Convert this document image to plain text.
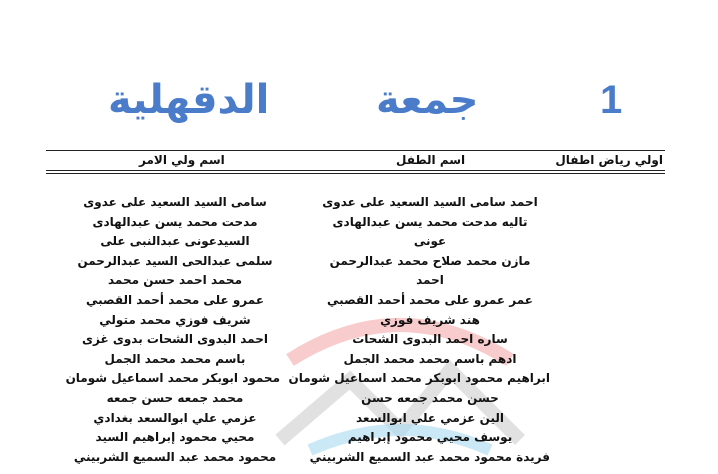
1
جمعة
الدقهلية
اولي رياض اطفال
اسم الطفل
اسم ولي الامر
احمد سامى السيد السعيد على عدوى
تاليه مدحت محمد يسن عبدالهادى
عونى
مازن محمد صلاح محمد عبدالرحمن
احمد
عمر عمرو على محمد أحمد القصبي
هند شريف فوزي
ساره احمد البدوى الشحات
ادهم باسم محمد محمد الجمل
ابراهيم محمود ابوبكر محمد اسماعيل شومان
حسن محمد جمعه حسن
الين عزمي علي ابوالسعد
يوسف محيي محمود إبراهيم
فريدة محمود محمد عبد السميع الشربيني
سامى السيد السعيد على عدوى
مدحت محمد يسن عبدالهادى
السيدعونى عبدالنبى على
سلمى عبدالحى السيد عبدالرحمن
محمد احمد حسن محمد
عمرو على محمد أحمد القصبي
شريف فوزي محمد متولي
احمد البدوى الشحات بدوى غزى
باسم محمد محمد الجمل
محمود ابوبكر محمد اسماعيل شومان
محمد جمعه حسن جمعه
عزمي علي ابوالسعد بغدادي
محيي محمود إبراهيم السيد
محمود محمد عبد السميع الشربيني
